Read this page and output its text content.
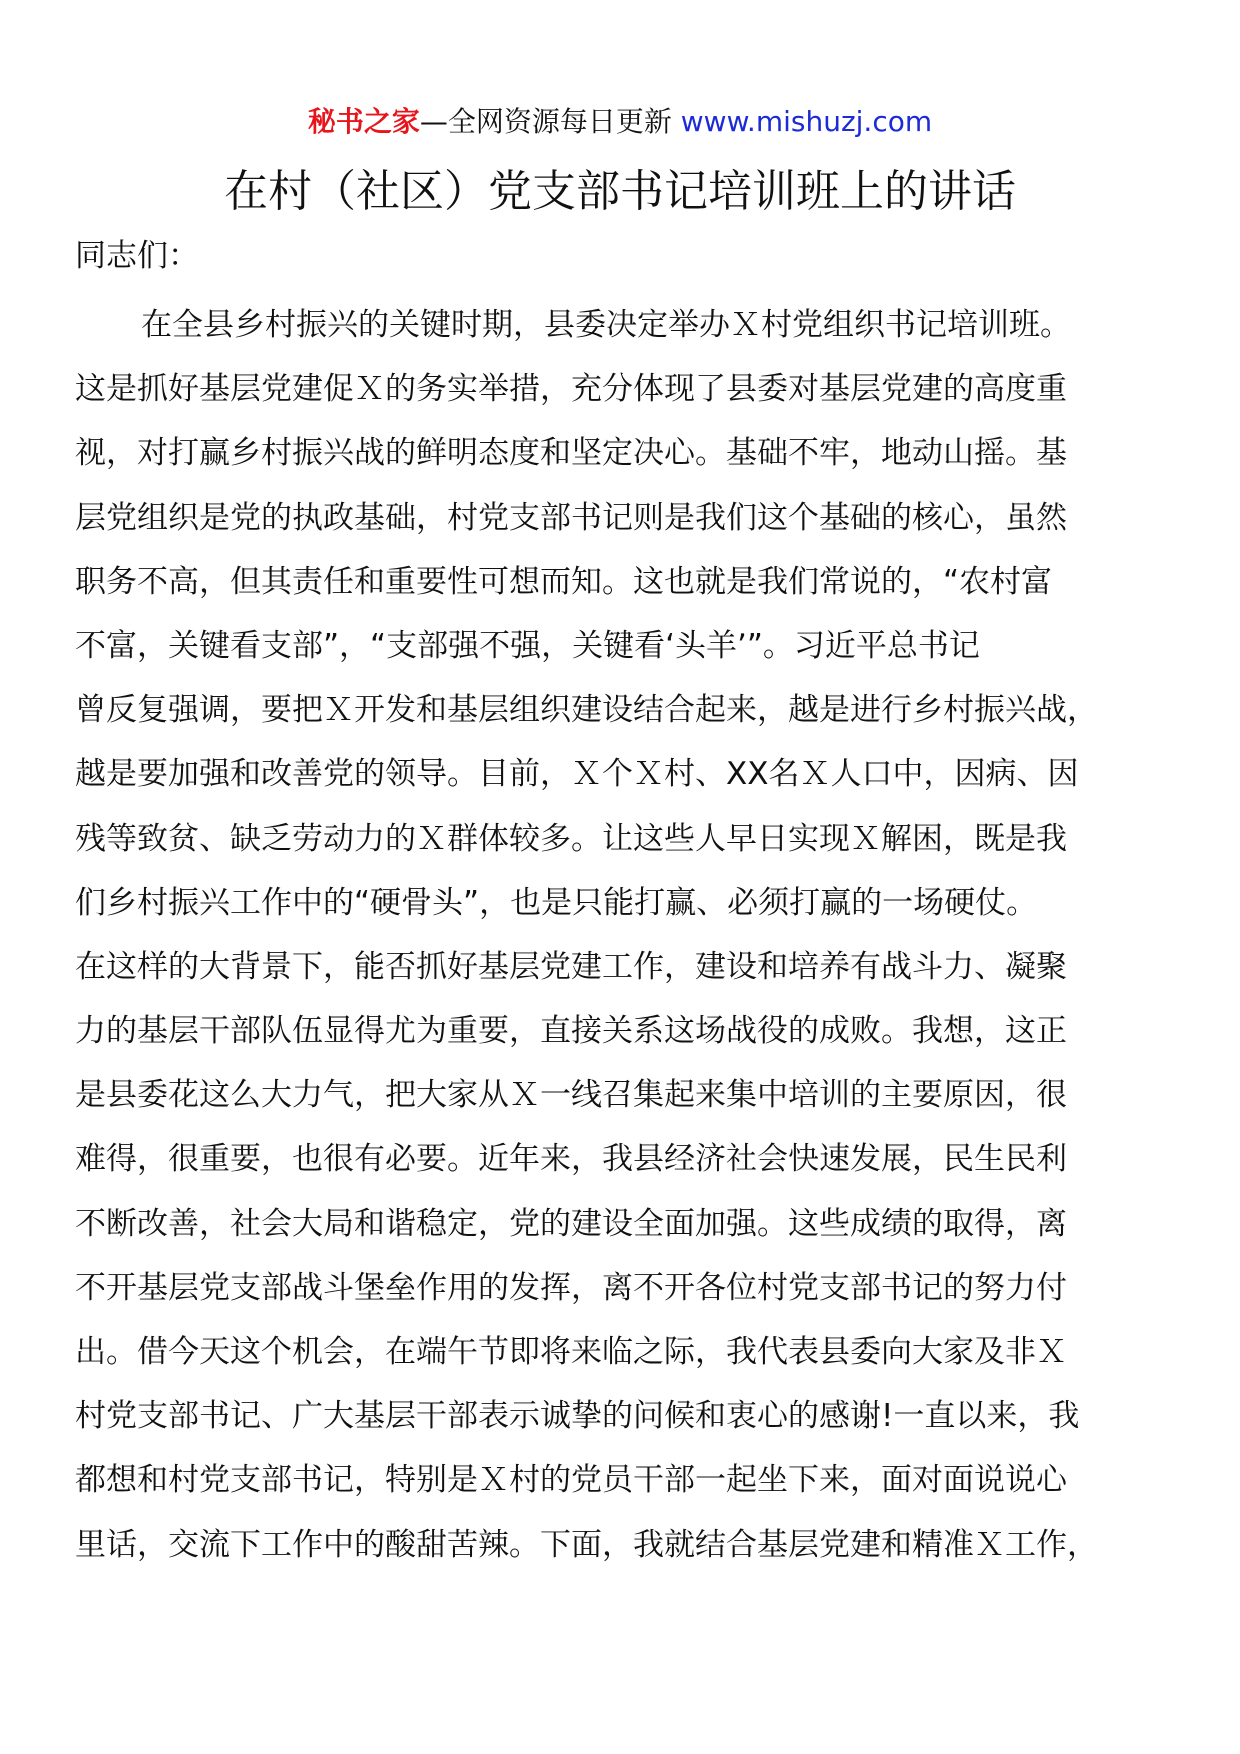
秘书之家—全网资源每日更新 www.mishuzj.com
在村（社区）党支部书记培训班上的讲话
同志们：
在全县乡村振兴的关键时期，县委决定举办Ｘ村党组织书记培训班。
这是抓好基层党建促Ｘ的务实举措，充分体现了县委对基层党建的高度重
视，对打赢乡村振兴战的鲜明态度和坚定决心。基础不牢，地动山摇。基
层党组织是党的执政基础，村党支部书记则是我们这个基础的核心，虽然
职务不高，但其责任和重要性可想而知。这也就是我们常说的，“农村富
不富，关键看支部”，“支部强不强，关键看‘头羊’”。习近平总书记
曾反复强调，要把Ｘ开发和基层组织建设结合起来，越是进行乡村振兴战，
越是要加强和改善党的领导。目前，Ｘ个Ｘ村、XX名Ｘ人口中，因病、因
残等致贫、缺乏劳动力的Ｘ群体较多。让这些人早日实现Ｘ解困，既是我
们乡村振兴工作中的“硬骨头”，也是只能打赢、必须打赢的一场硬仗。
在这样的大背景下，能否抓好基层党建工作，建设和培养有战斗力、凝聚
力的基层干部队伍显得尤为重要，直接关系这场战役的成败。我想，这正
是县委花这么大力气，把大家从Ｘ一线召集起来集中培训的主要原因，很
难得，很重要，也很有必要。近年来，我县经济社会快速发展，民生民利
不断改善，社会大局和谐稳定，党的建设全面加强。这些成绩的取得，离
不开基层党支部战斗堡垒作用的发挥，离不开各位村党支部书记的努力付
出。借今天这个机会，在端午节即将来临之际，我代表县委向大家及非Ｘ
村党支部书记、广大基层干部表示诚挚的问候和衷心的感谢!一直以来，我
都想和村党支部书记，特别是Ｘ村的党员干部一起坐下来，面对面说说心
里话，交流下工作中的酸甜苦辣。下面，我就结合基层党建和精准Ｘ工作，
